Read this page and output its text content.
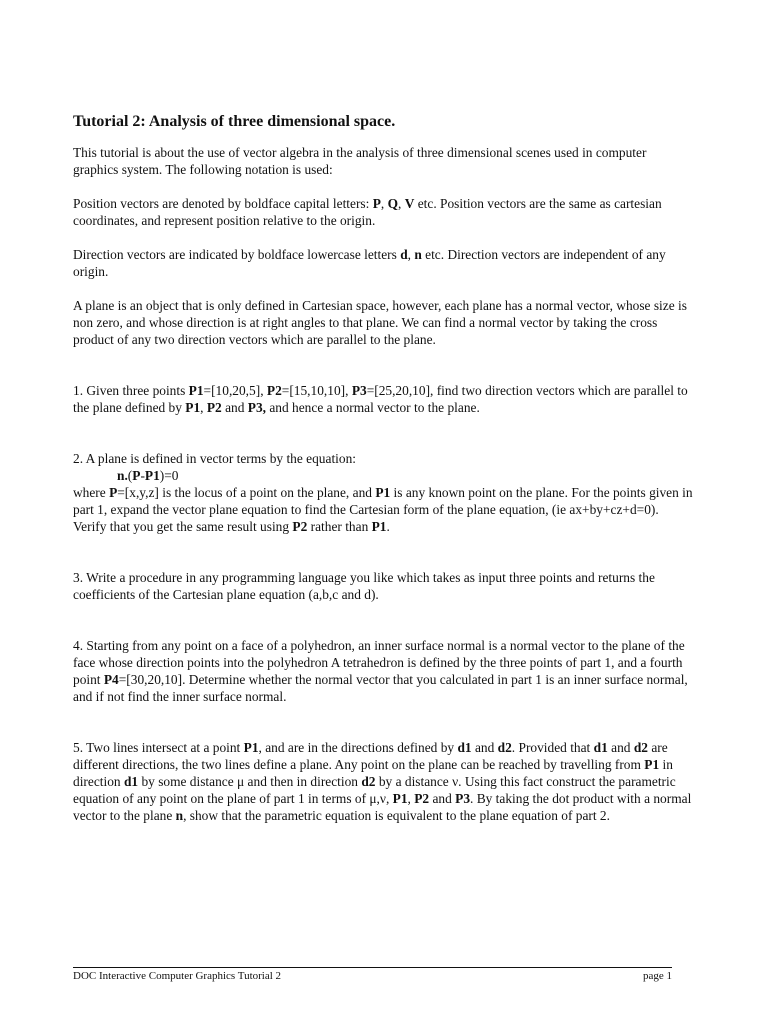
Tutorial 2: Analysis of three dimensional space.

This tutorial is about the use of vector algebra in the analysis of three dimensional scenes used in computer graphics system. The following notation is used:

Position vectors are denoted by boldface capital letters: P, Q, V etc. Position vectors are the same as cartesian coordinates, and represent position relative to the origin.

Direction vectors are indicated by boldface lowercase letters d, n etc. Direction vectors are independent of any origin.

A plane is an object that is only defined in Cartesian space, however, each plane has a normal vector, whose size is non zero, and whose direction is at right angles to that plane. We can find a normal vector by taking the cross product of any two direction vectors which are parallel to the plane.

1. Given three points P1=[10,20,5], P2=[15,10,10], P3=[25,20,10], find two direction vectors which are parallel to the plane defined by P1, P2 and P3, and hence a normal vector to the plane.

2. A plane is defined in vector terms by the equation:

n.(P-P1)=0

where P=[x,y,z] is the locus of a point on the plane, and P1 is any known point on the plane. For the points given in part 1, expand the vector plane equation to find the Cartesian form of the plane equation, (ie ax+by+cz+d=0). Verify that you get the same result using P2 rather than P1.

3. Write a procedure in any programming language you like which takes as input three points and returns the coefficients of the Cartesian plane equation (a,b,c and d).

4. Starting from any point on a face of a polyhedron, an inner surface normal is a normal vector to the plane of the face whose direction points into the polyhedron A tetrahedron is defined by the three points of part 1, and a fourth point P4=[30,20,10]. Determine whether the normal vector that you calculated in part 1 is an inner surface normal, and if not find the inner surface normal.

5. Two lines intersect at a point P1, and are in the directions defined by d1 and d2. Provided that d1 and d2 are different directions, the two lines define a plane. Any point on the plane can be reached by travelling from P1 in direction d1 by some distance μ and then in direction d2 by a distance ν. Using this fact construct the parametric equation of any point on the plane of part 1 in terms of μ,ν, P1, P2 and P3. By taking the dot product with a normal vector to the plane n, show that the parametric equation is equivalent to the plane equation of part 2.

DOC Interactive Computer Graphics Tutorial 2	page 1
